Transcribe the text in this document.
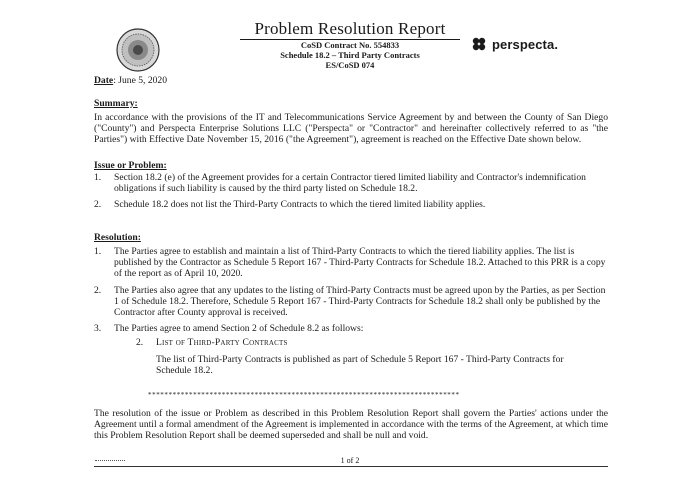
Problem Resolution Report
CoSD Contract No. 554833
Schedule 18.2 – Third Party Contracts
ES/CoSD 074
perspecta.
Date: June 5, 2020
Summary:
In accordance with the provisions of the IT and Telecommunications Service Agreement by and between the County of San Diego ("County") and Perspecta Enterprise Solutions LLC ("Perspecta" or "Contractor" and hereinafter collectively referred to as "the Parties") with Effective Date November 15, 2016 ("the Agreement"), agreement is reached on the Effective Date shown below.
Issue or Problem:
1.	Section 18.2 (e) of the Agreement provides for a certain Contractor tiered limited liability and Contractor's indemnification obligations if such liability is caused by the third party listed on Schedule 18.2.
2.	Schedule 18.2 does not list the Third-Party Contracts to which the tiered limited liability applies.
Resolution:
1.	The Parties agree to establish and maintain a list of Third-Party Contracts to which the tiered liability applies. The list is published by the Contractor as Schedule 5 Report 167 - Third-Party Contracts for Schedule 18.2. Attached to this PRR is a copy of the report as of April 10, 2020.
2.	The Parties also agree that any updates to the listing of Third-Party Contracts must be agreed upon by the Parties, as per Section 1 of Schedule 18.2. Therefore, Schedule 5 Report 167 - Third-Party Contracts for Schedule 18.2 shall only be published by the Contractor after County approval is received.
3.	The Parties agree to amend Section 2 of Schedule 8.2 as follows:
2.	List of Third-Party Contracts
The list of Third-Party Contracts is published as part of Schedule 5 Report 167 - Third-Party Contracts for Schedule 18.2.
****************************************************************************
The resolution of the issue or Problem as described in this Problem Resolution Report shall govern the Parties' actions under the Agreement until a formal amendment of the Agreement is implemented in accordance with the terms of the Agreement, at which time this Problem Resolution Report shall be deemed superseded and shall be null and void.
1 of 2
